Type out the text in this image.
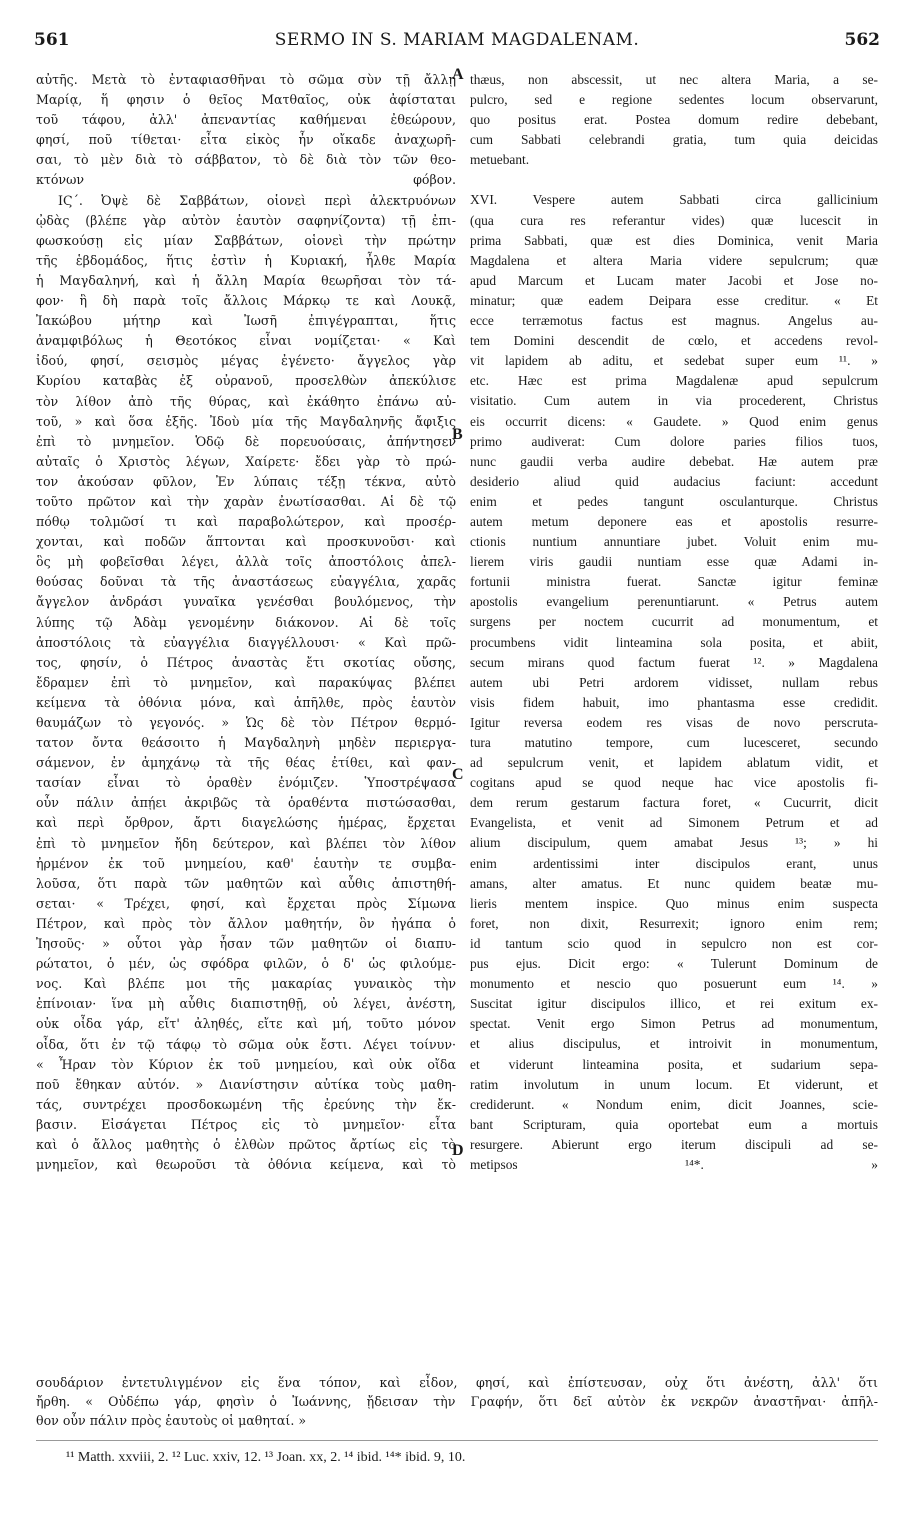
561	SERMO IN S. MARIAM MAGDALENAM.	562
αὐτῆς. Μετὰ τὸ ἐνταφιασθῆναι τὸ σῶμα σὺν τῇ ἄλλῃ
Μαρίᾳ, ἥ φησιν ὁ θεῖος Ματθαῖος, οὐκ ἀφίσταται
τοῦ τάφου, ἀλλ' ἀπεναντίας καθήμεναι ἐθεώρουν,
φησί, ποῦ τίθεται· εἶτα εἰκὸς ἦν οἴκαδε ἀναχωρῆ-
σαι, τὸ μὲν διὰ τὸ σάββατον, τὸ δὲ διὰ τὸν τῶν θεο-
κτόνων φόβον.
ΙϚ΄. Ὀψὲ δὲ Σαββάτων, οἱονεὶ περὶ ἀλεκτρυόνων
ᾠδὰς (βλέπε γὰρ αὐτὸν ἑαυτὸν σαφηνίζοντα) τῇ ἐπι-
φωσκούσῃ εἰς μίαν Σαββάτων, οἱονεὶ τὴν πρώτην
τῆς ἑβδομάδος, ἥτις ἐστὶν ἡ Κυριακή, ἦλθε Μαρία
ἡ Μαγδαληνή, καὶ ἡ ἄλλη Μαρία θεωρῆσαι τὸν τά-
φον· ἣ δὴ παρὰ τοῖς ἄλλοις Μάρκῳ τε καὶ Λουκᾷ,
Ἰακώβου μήτηρ καὶ Ἰωσῆ ἐπιγέγραπται, ἥτις
ἀναμφιβόλως ἡ Θεοτόκος εἶναι νομίζεται· « Καὶ
ἰδού, φησί, σεισμὸς μέγας ἐγένετο· ἄγγελος γὰρ
Κυρίου καταβὰς ἐξ οὐρανοῦ, προσελθὼν ἀπεκύλισε
τὸν λίθον ἀπὸ τῆς θύρας, καὶ ἐκάθητο ἐπάνω αὐ-
τοῦ, » καὶ ὅσα ἑξῆς. Ἰδοὺ μία τῆς Μαγδαληνῆς ἄφιξις
ἐπὶ τὸ μνημεῖον. Ὁδῷ δὲ πορευούσαις, ἀπήντησεν
αὐταῖς ὁ Χριστὸς λέγων, Χαίρετε· ἔδει γὰρ τὸ πρώ-
τον ἀκούσαν φῦλον, Ἐν λύπαις τέξῃ τέκνα, αὐτὸ
τοῦτο πρῶτον καὶ τὴν χαρὰν ἐνωτίσασθαι. Αἱ δὲ τῷ
πόθῳ τολμῶσί τι καὶ παραβολώτερον, καὶ προσέρ-
χονται, καὶ ποδῶν ἅπτονται καὶ προσκυνοῦσι· καὶ
ὃς μὴ φοβεῖσθαι λέγει, ἀλλὰ τοῖς ἀποστόλοις ἀπελ-
θούσας δοῦναι τὰ τῆς ἀναστάσεως εὐαγγέλια, χαρᾶς
ἄγγελον ἀνδράσι γυναῖκα γενέσθαι βουλόμενος, τὴν
λύπης τῷ Ἀδὰμ γενομένην διάκονον. Αἱ δὲ τοῖς
ἀποστόλοις τὰ εὐαγγέλια διαγγέλλουσι· « Καὶ πρῶ-
τος, φησίν, ὁ Πέτρος ἀναστὰς ἔτι σκοτίας οὔσης,
ἔδραμεν ἐπὶ τὸ μνημεῖον, καὶ παρακύψας βλέπει
κείμενα τὰ ὀθόνια μόνα, καὶ ἀπῆλθε, πρὸς ἑαυτὸν
θαυμάζων τὸ γεγονός. » Ὡς δὲ τὸν Πέτρον θερμό-
τατον ὄντα θεάσοιτο ἡ Μαγδαληνὴ μηδὲν περιεργα-
σάμενον, ἐν ἀμηχάνῳ τὰ τῆς θέας ἐτίθει, καὶ φαν-
τασίαν εἶναι τὸ ὁραθὲν ἐνόμιζεν. Ὑποστρέψασα
οὖν πάλιν ἀπῄει ἀκριβῶς τὰ ὁραθέντα πιστώσασθαι,
καὶ περὶ ὄρθρον, ἄρτι διαγελώσης ἡμέρας, ἔρχεται
ἐπὶ τὸ μνημεῖον ἤδη δεύτερον, καὶ βλέπει τὸν λίθον
ἠρμένον ἐκ τοῦ μνημείου, καθ' ἑαυτὴν τε συμβα-
λοῦσα, ὅτι παρὰ τῶν μαθητῶν καὶ αὖθις ἀπιστηθή-
σεται· « Τρέχει, φησί, καὶ ἔρχεται πρὸς Σίμωνα
Πέτρον, καὶ πρὸς τὸν ἄλλον μαθητήν, ὃν ἠγάπα ὁ
Ἰησοῦς· » οὗτοι γὰρ ἦσαν τῶν μαθητῶν οἱ διαπυ-
ρώτατοι, ὁ μέν, ὡς σφόδρα φιλῶν, ὁ δ' ὡς φιλούμε-
νος. Καὶ βλέπε μοι τῆς μακαρίας γυναικὸς τὴν
ἐπίνοιαν· ἵνα μὴ αὖθις διαπιστηθῇ, οὐ λέγει, ἀνέστη,
οὐκ οἶδα γάρ, εἴτ' ἀληθές, εἴτε καὶ μή, τοῦτο μόνον
οἶδα, ὅτι ἐν τῷ τάφῳ τὸ σῶμα οὐκ ἔστι. Λέγει τοίνυν·
« Ἦραν τὸν Κύριον ἐκ τοῦ μνημείου, καὶ οὐκ οἴδα
ποῦ ἔθηκαν αὐτόν. » Διανίστησιν αὐτίκα τοὺς μαθη-
τάς, συντρέχει προσδοκωμένη τῆς ἐρεύνης τὴν ἔκ-
βασιν. Εἰσάγεται Πέτρος εἰς τὸ μνημεῖον· εἶτα
καὶ ὁ ἄλλος μαθητὴς ὁ ἐλθὼν πρῶτος ἄρτίως εἰς τὸ
μνημεῖον, καὶ θεωροῦσι τὰ ὀθόνια κείμενα, καὶ τὸ
thæus, non abscessit, ut nec altera Maria, a se-
pulcro, sed e regione sedentes locum observarunt,
quo positus erat. Postea domum redire debebant,
cum Sabbati celebrandi gratia, tum quia deicidas
metuebant.
XVI. Vespere autem Sabbati circa gallicinium
(qua cura res referantur vides) quæ lucescit in
prima Sabbati, quæ est dies Dominica, venit Maria
Magdalena et altera Maria videre sepulcrum; quæ
apud Marcum et Lucam mater Jacobi et Jose no-
minatur; quæ eadem Deipara esse creditur. « Et
ecce terræmotus factus est magnus. Angelus au-
tem Domini descendit de cœlo, et accedens revol-
vit lapidem ab aditu, et sedebat super eum ¹¹. »
etc. Hæc est prima Magdalenæ apud sepulcrum
visitatio. Cum autem in via procederent, Christus
eis occurrit dicens: « Gaudete. » Quod enim genus
primo audiverat: Cum dolore paries filios tuos,
nunc gaudii verba audire debebat. Hæ autem præ
desiderio aliud quid audacius faciunt: accedunt
enim et pedes tangunt osculanturque. Christus
autem metum deponere eas et apostolis resurre-
ctionis nuntium annuntiare jubet. Voluit enim mu-
lierem viris gaudii nuntiam esse quæ Adami in-
fortunii ministra fuerat. Sanctæ igitur feminæ
apostolis evangelium perenuntiarunt. « Petrus autem
surgens per noctem cucurrit ad monumentum, et
procumbens vidit linteamina sola posita, et abiit,
secum mirans quod factum fuerat ¹². » Magdalena
autem ubi Petri ardorem vidisset, nullam rebus
visis fidem habuit, imo phantasma esse credidit.
Igitur reversa eodem res visas de novo perscruta-
tura matutino tempore, cum lucesceret, secundo
ad sepulcrum venit, et lapidem ablatum vidit, et
cogitans apud se quod neque hac vice apostolis fi-
dem rerum gestarum factura foret, « Cucurrit, dicit
Evangelista, et venit ad Simonem Petrum et ad
alium discipulum, quem amabat Jesus ¹³; » hi
enim ardentissimi inter discipulos erant, unus
amans, alter amatus. Et nunc quidem beatæ mu-
lieris mentem inspice. Quo minus enim suspecta
foret, non dixit, Resurrexit; ignoro enim rem;
id tantum scio quod in sepulcro non est cor-
pus ejus. Dicit ergo: « Tulerunt Dominum de
monumento et nescio quo posuerunt eum ¹⁴. »
Suscitat igitur discipulos illico, et rei exitum ex-
spectat. Venit ergo Simon Petrus ad monumentum,
et alius discipulus, et introivit in monumentum,
et viderunt linteamina posita, et sudarium sepa-
ratim involutum in unum locum. Et viderunt, et
crediderunt. « Nondum enim, dicit Joannes, scie-
bant Scripturam, quia oportebat eum a mortuis
resurgere. Abierunt ergo iterum discipuli ad se-
metipsos ¹⁴*. »
A
B
C
D
σουδάριον ἐντετυλιγμένον εἰς ἕνα τόπον, καὶ εἶδον, φησί, καὶ ἐπίστευσαν, οὐχ ὅτι ἀνέστη, ἀλλ' ὅτι
ἤρθη. « Οὐδέπω γάρ, φησὶν ὁ Ἰωάννης, ᾔδεισαν τὴν Γραφήν, ὅτι δεῖ αὐτὸν ἐκ νεκρῶν ἀναστῆναι· ἀπῆλ-
θον οὖν πάλιν πρὸς ἑαυτοὺς οἱ μαθηταί. »
¹¹ Matth. xxviii, 2. ¹² Luc. xxiv, 12. ¹³ Joan. xx, 2. ¹⁴ ibid. ¹⁴* ibid. 9, 10.
